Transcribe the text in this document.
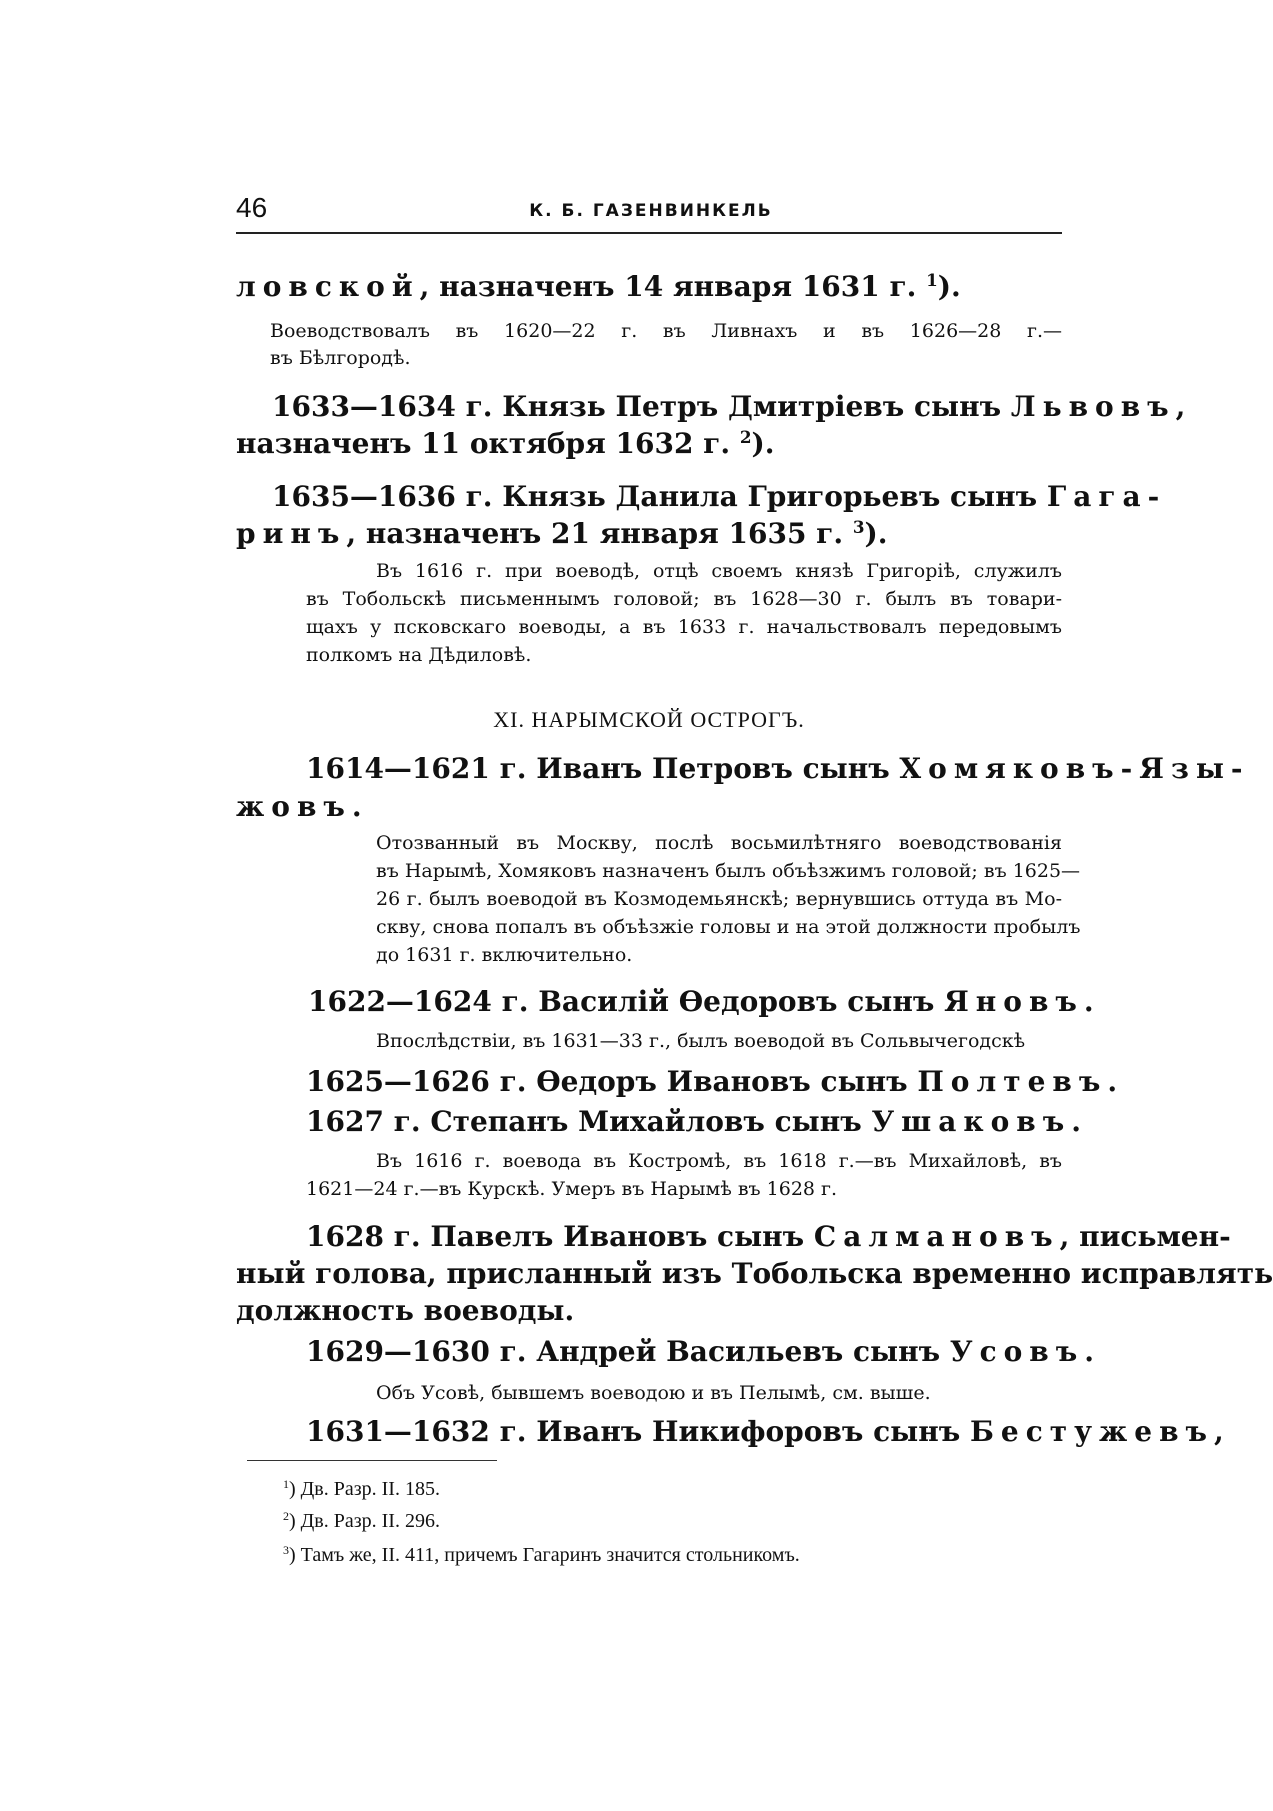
46	К. Б. ГАЗЕНВИНКЕЛЬ
ловской, назначенъ 14 января 1631 г. $^1$).
Воеводствовалъ въ 1620—22 г. въ Ливнахъ и въ 1626—28 г.—
въ Бѣлгородѣ.
1633—1634 г. Князь Петръ Дмитріевъ сынъ Львовъ,
назначенъ 11 октября 1632 г. $^2$).
1635—1636 г. Князь Данила Григорьевъ сынъ Гага-
ринъ, назначенъ 21 января 1635 г. $^3$).
Въ 1616 г. при воеводѣ, отцѣ своемъ князѣ Григоріѣ, служилъ
въ Тобольскѣ письменнымъ головой; въ 1628—30 г. былъ въ товари-
щахъ у псковскаго воеводы, а въ 1633 г. начальствовалъ передовымъ
полкомъ на Дѣдиловѣ.
XI. НАРЫМСКОЙ ОСТРОГЪ.
1614—1621 г. Иванъ Петровъ сынъ Хомяковъ-Язы-
жовъ.
Отозванный въ Москву, послѣ восьмилѣтняго воеводствованія
въ Нарымѣ, Хомяковъ назначенъ былъ объѣзжимъ головой; въ 1625—
26 г. былъ воеводой въ Козмодемьянскѣ; вернувшись оттуда въ Мо-
скву, снова попалъ въ объѣзжіе головы и на этой должности пробылъ
до 1631 г. включительно.
1622—1624 г. Василій Ѳедоровъ сынъ Яновъ.
Впослѣдствіи, въ 1631—33 г., былъ воеводой въ Сольвычегодскѣ
1625—1626 г. Ѳедоръ Ивановъ сынъ Полтевъ.
1627 г. Степанъ Михайловъ сынъ Ушаковъ.
Въ 1616 г. воевода въ Костромѣ, въ 1618 г.—въ Михайловѣ, въ
1621—24 г.—въ Курскѣ. Умеръ въ Нарымѣ въ 1628 г.
1628 г. Павелъ Ивановъ сынъ Салмановъ, письмен-
ный голова, присланный изъ Тобольска временно исправлять
должность воеводы.
1629—1630 г. Андрей Васильевъ сынъ Усовъ.
Объ Усовѣ, бывшемъ воеводою и въ Пелымѣ, см. выше.
1631—1632 г. Иванъ Никифоровъ сынъ Бестужевъ,
$^1$) Дв. Разр. II. 185.
$^2$) Дв. Разр. II. 296.
$^3$) Тамъ же, II. 411, причемъ Гагаринъ значится стольникомъ.
